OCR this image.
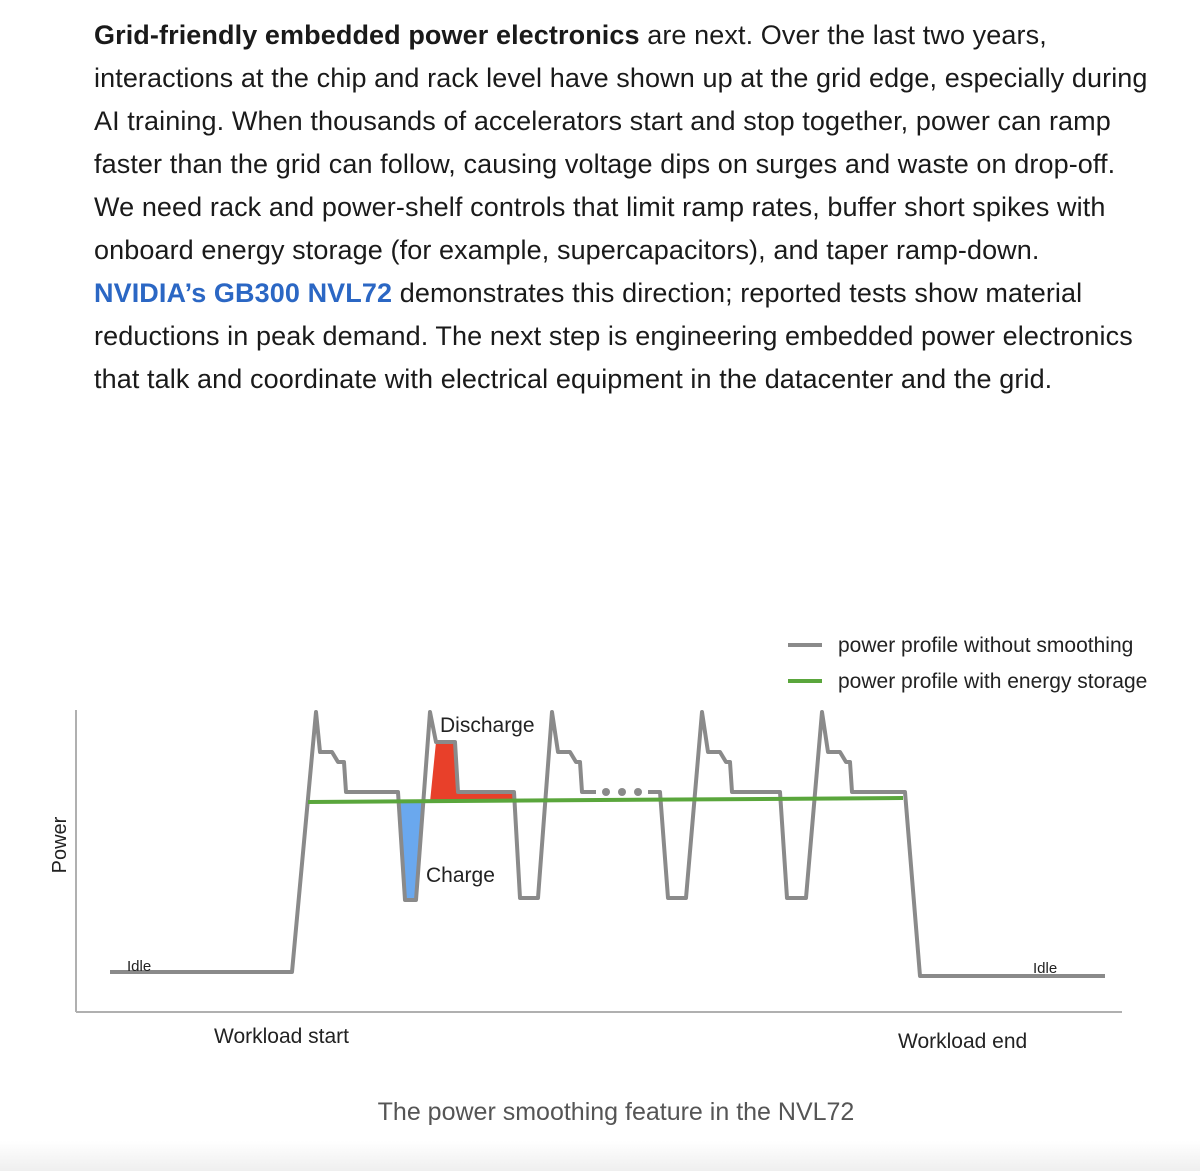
Grid-friendly embedded power electronics are next. Over the last two years, interactions at the chip and rack level have shown up at the grid edge, especially during AI training. When thousands of accelerators start and stop together, power can ramp faster than the grid can follow, causing voltage dips on surges and waste on drop-off. We need rack and power-shelf controls that limit ramp rates, buffer short spikes with onboard energy storage (for example, supercapacitors), and taper ramp-down. NVIDIA’s GB300 NVL72 demonstrates this direction; reported tests show material reductions in peak demand. The next step is engineering embedded power electronics that talk and coordinate with electrical equipment in the datacenter and the grid.

power profile without smoothing
power profile with energy storage
Power
Discharge
Charge
Idle	Idle
Workload start	Workload end

The power smoothing feature in the NVL72
